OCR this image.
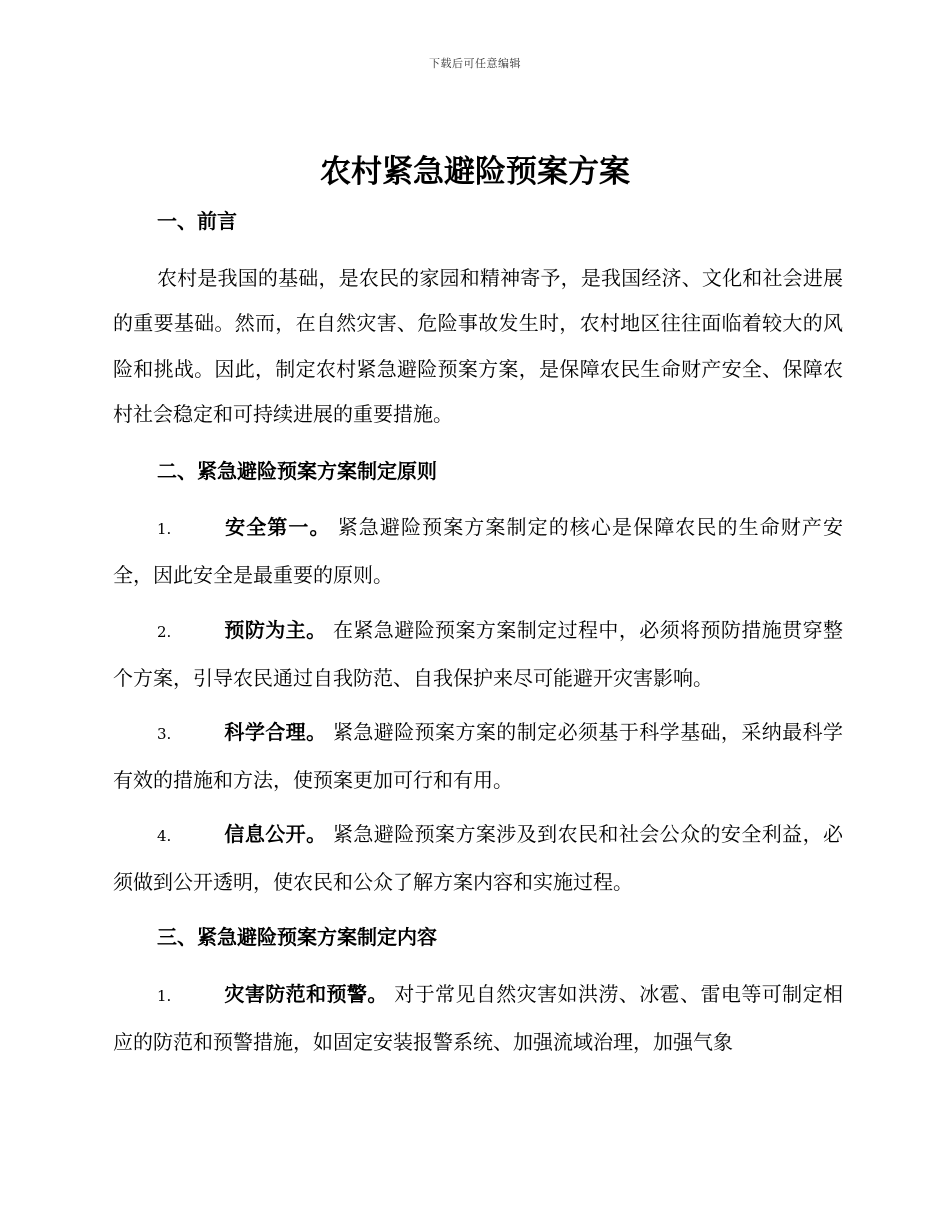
下载后可任意编辑
农村紧急避险预案方案
一、前言

农村是我国的基础，是农民的家园和精神寄予，是我国经济、文化和社会进展的重要基础。然而，在自然灾害、危险事故发生时，农村地区往往面临着较大的风险和挑战。因此，制定农村紧急避险预案方案，是保障农民生命财产安全、保障农村社会稳定和可持续进展的重要措施。

二、紧急避险预案方案制定原则

1.	安全第一。 紧急避险预案方案制定的核心是保障农民的生命财产安全，因此安全是最重要的原则。

2.	预防为主。 在紧急避险预案方案制定过程中，必须将预防措施贯穿整个方案，引导农民通过自我防范、自我保护来尽可能避开灾害影响。

3.	科学合理。 紧急避险预案方案的制定必须基于科学基础，采纳最科学有效的措施和方法，使预案更加可行和有用。

4.	信息公开。 紧急避险预案方案涉及到农民和社会公众的安全利益，必须做到公开透明，使农民和公众了解方案内容和实施过程。

三、紧急避险预案方案制定内容

1.	灾害防范和预警。 对于常见自然灾害如洪涝、冰雹、雷电等可制定相应的防范和预警措施，如固定安装报警系统、加强流域治理，加强气象
